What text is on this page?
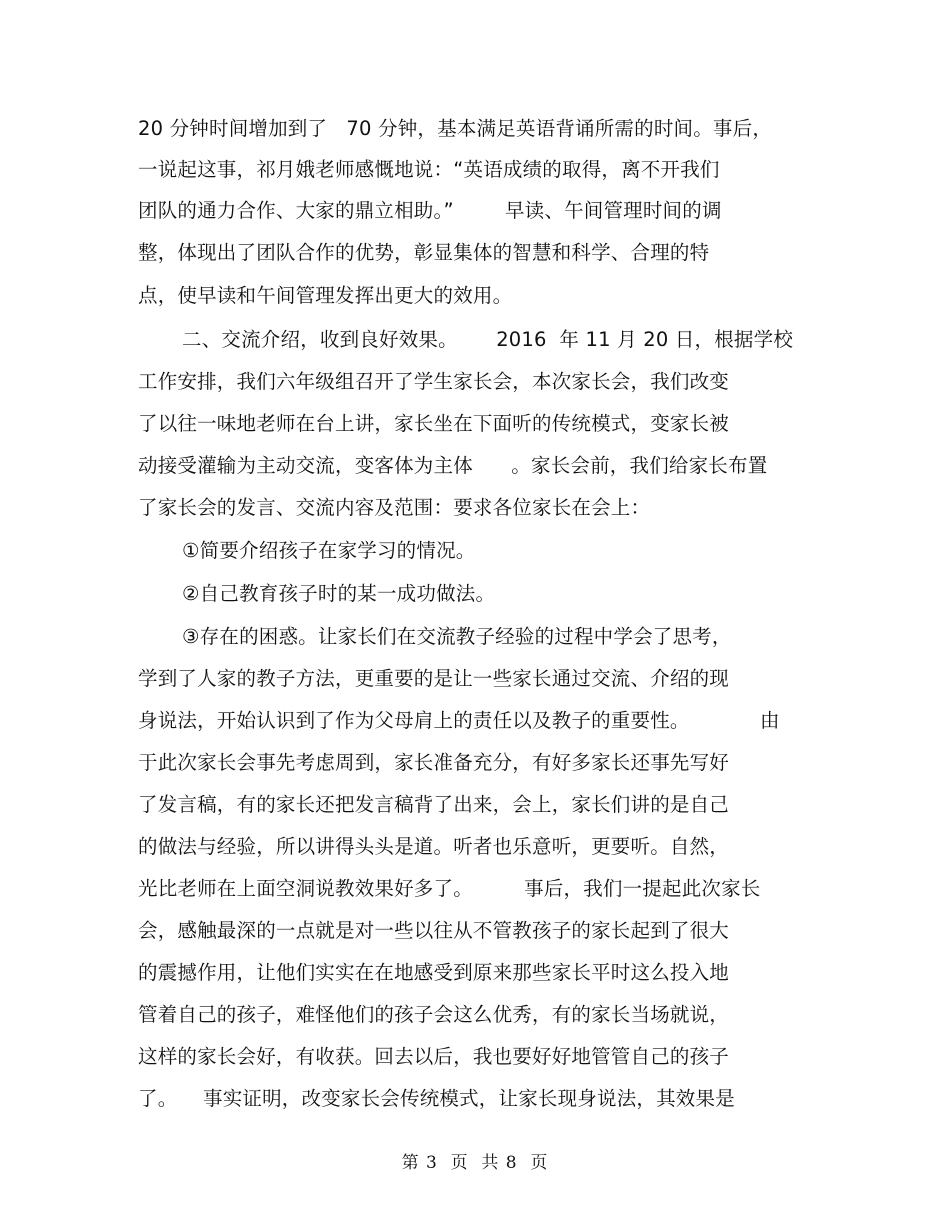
20 分钟时间增加到了   70 分钟，基本满足英语背诵所需的时间。事后，
一说起这事，祁月娥老师感慨地说：“英语成绩的取得，离不开我们
团队的通力合作、大家的鼎立相助。”        早读、午间管理时间的调
整，体现出了团队合作的优势，彰显集体的智慧和科学、合理的特
点，使早读和午间管理发挥出更大的效用。
二、交流介绍，收到良好效果。      2016  年 11 月 20 日，根据学校
工作安排，我们六年级组召开了学生家长会，本次家长会，我们改变
了以往一味地老师在台上讲，家长坐在下面听的传统模式，变家长被
动接受灌输为主动交流，变客体为主体      。家长会前，我们给家长布置
了家长会的发言、交流内容及范围：要求各位家长在会上：
①简要介绍孩子在家学习的情况。
②自己教育孩子时的某一成功做法。
③存在的困惑。让家长们在交流教子经验的过程中学会了思考，
学到了人家的教子方法，更重要的是让一些家长通过交流、介绍的现
身说法，开始认识到了作为父母肩上的责任以及教子的重要性。           由
于此次家长会事先考虑周到，家长准备充分，有好多家长还事先写好
了发言稿，有的家长还把发言稿背了出来，会上，家长们讲的是自己
的做法与经验，所以讲得头头是道。听者也乐意听，更要听。自然，
光比老师在上面空洞说教效果好多了。        事后，我们一提起此次家长
会，感触最深的一点就是对一些以往从不管教孩子的家长起到了很大
的震撼作用，让他们实实在在地感受到原来那些家长平时这么投入地
管着自己的孩子，难怪他们的孩子会这么优秀，有的家长当场就说，
这样的家长会好，有收获。回去以后，我也要好好地管管自己的孩子
了。    事实证明，改变家长会传统模式，让家长现身说法，其效果是
第 3  页  共 8  页
